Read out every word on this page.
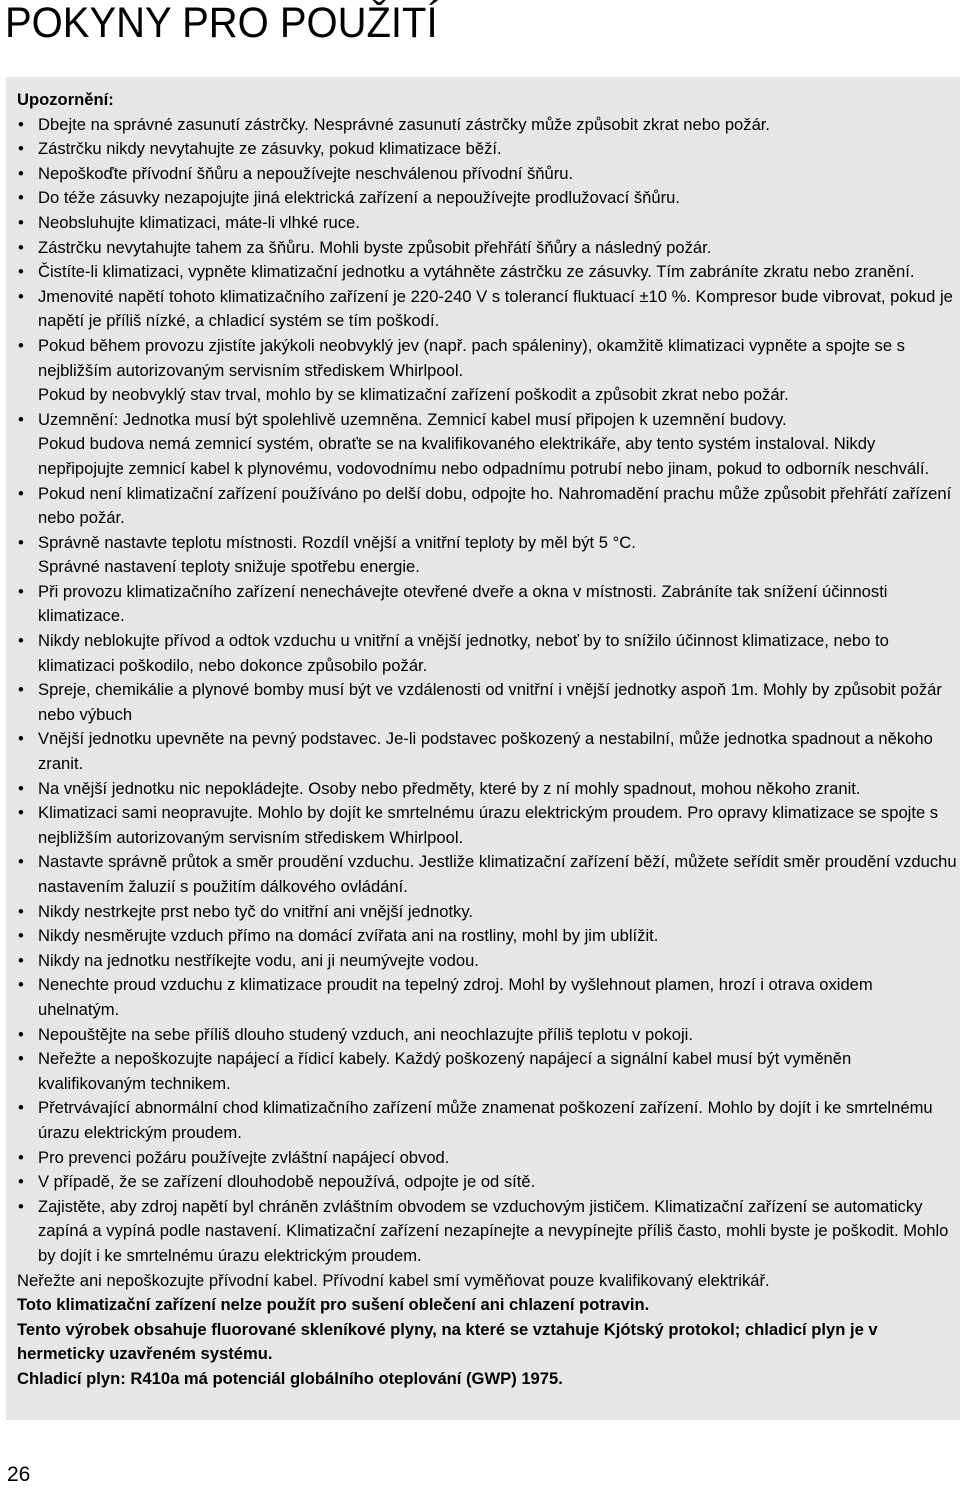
POKYNY PRO POUŽITÍ

Upozornění:

• Dbejte na správné zasunutí zástrčky. Nesprávné zasunutí zástrčky může způsobit zkrat nebo požár.
• Zástrčku nikdy nevytahujte ze zásuvky, pokud klimatizace běží.
• Nepoškoďte přívodní šňůru a nepoužívejte neschválenou přívodní šňůru.
• Do téže zásuvky nezapojujte jiná elektrická zařízení a nepoužívejte prodlužovací šňůru.
• Neobsluhujte klimatizaci, máte-li vlhké ruce.
• Zástrčku nevytahujte tahem za šňůru. Mohli byste způsobit přehřátí šňůry a následný požár.
• Čistíte-li klimatizaci, vypněte klimatizační jednotku a vytáhněte zástrčku ze zásuvky. Tím zabráníte zkratu nebo zranění.
• Jmenovité napětí tohoto klimatizačního zařízení je 220-240 V s tolerancí fluktuací ±10 %. Kompresor bude vibrovat, pokud je napětí je příliš nízké, a chladicí systém se tím poškodí.
• Pokud během provozu zjistíte jakýkoli neobvyklý jev (např. pach spáleniny), okamžitě klimatizaci vypněte a spojte se s nejbližším autorizovaným servisním střediskem Whirlpool.
Pokud by neobvyklý stav trval, mohlo by se klimatizační zařízení poškodit a způsobit zkrat nebo požár.
• Uzemnění: Jednotka musí být spolehlivě uzemněna. Zemnicí kabel musí připojen k uzemnění budovy.
Pokud budova nemá zemnicí systém, obraťte se na kvalifikovaného elektrikáře, aby tento systém instaloval. Nikdy nepřipojujte zemnicí kabel k plynovému, vodovodnímu nebo odpadnímu potrubí nebo jinam, pokud to odborník neschválí.
• Pokud není klimatizační zařízení používáno po delší dobu, odpojte ho. Nahromadění prachu může způsobit přehřátí zařízení nebo požár.
• Správně nastavte teplotu místnosti. Rozdíl vnější a vnitřní teploty by měl být 5 °C.
Správné nastavení teploty snižuje spotřebu energie.
• Při provozu klimatizačního zařízení nenechávejte otevřené dveře a okna v místnosti. Zabráníte tak snížení účinnosti klimatizace.
• Nikdy neblokujte přívod a odtok vzduchu u vnitřní a vnější jednotky, neboť by to snížilo účinnost klimatizace, nebo to klimatizaci poškodilo, nebo dokonce způsobilo požár.
• Spreje, chemikálie a plynové bomby musí být ve vzdálenosti od vnitřní i vnější jednotky aspoň 1m. Mohly by způsobit požár nebo výbuch
• Vnější jednotku upevněte na pevný podstavec. Je-li podstavec poškozený a nestabilní, může jednotka spadnout a někoho zranit.
• Na vnější jednotku nic nepokládejte. Osoby nebo předměty, které by z ní mohly spadnout, mohou někoho zranit.
• Klimatizaci sami neopravujte. Mohlo by dojít ke smrtelnému úrazu elektrickým proudem. Pro opravy klimatizace se spojte s nejbližším autorizovaným servisním střediskem Whirlpool.
• Nastavte správně průtok a směr proudění vzduchu. Jestliže klimatizační zařízení běží, můžete seřídit směr proudění vzduchu nastavením žaluzií s použitím dálkového ovládání.
• Nikdy nestrkejte prst nebo tyč do vnitřní ani vnější jednotky.
• Nikdy nesměrujte vzduch přímo na domácí zvířata ani na rostliny, mohl by jim ublížit.
• Nikdy na jednotku nestříkejte vodu, ani ji neumývejte vodou.
• Nenechte proud vzduchu z klimatizace proudit na tepelný zdroj. Mohl by vyšlehnout plamen, hrozí i otrava oxidem uhelnatým.
• Nepouštějte na sebe příliš dlouho studený vzduch, ani neochlazujte příliš teplotu v pokoji.
• Neřežte a nepoškozujte napájecí a řídicí kabely. Každý poškozený napájecí a signální kabel musí být vyměněn kvalifikovaným technikem.
• Přetrvávající abnormální chod klimatizačního zařízení může znamenat poškození zařízení. Mohlo by dojít i ke smrtelnému úrazu elektrickým proudem.
• Pro prevenci požáru používejte zvláštní napájecí obvod.
• V případě, že se zařízení dlouhodobě nepoužívá, odpojte je od sítě.
• Zajistěte, aby zdroj napětí byl chráněn zvláštním obvodem se vzduchovým jističem. Klimatizační zařízení se automaticky zapíná a vypíná podle nastavení. Klimatizační zařízení nezapínejte a nevypínejte příliš často, mohli byste je poškodit. Mohlo by dojít i ke smrtelnému úrazu elektrickým proudem.

Neřežte ani nepoškozujte přívodní kabel. Přívodní kabel smí vyměňovat pouze kvalifikovaný elektrikář.

Toto klimatizační zařízení nelze použít pro sušení oblečení ani chlazení potravin.

Tento výrobek obsahuje fluorované skleníkové plyny, na které se vztahuje Kjótský protokol; chladicí plyn je v hermeticky uzavřeném systému.

Chladicí plyn: R410a má potenciál globálního oteplování (GWP) 1975.

26
